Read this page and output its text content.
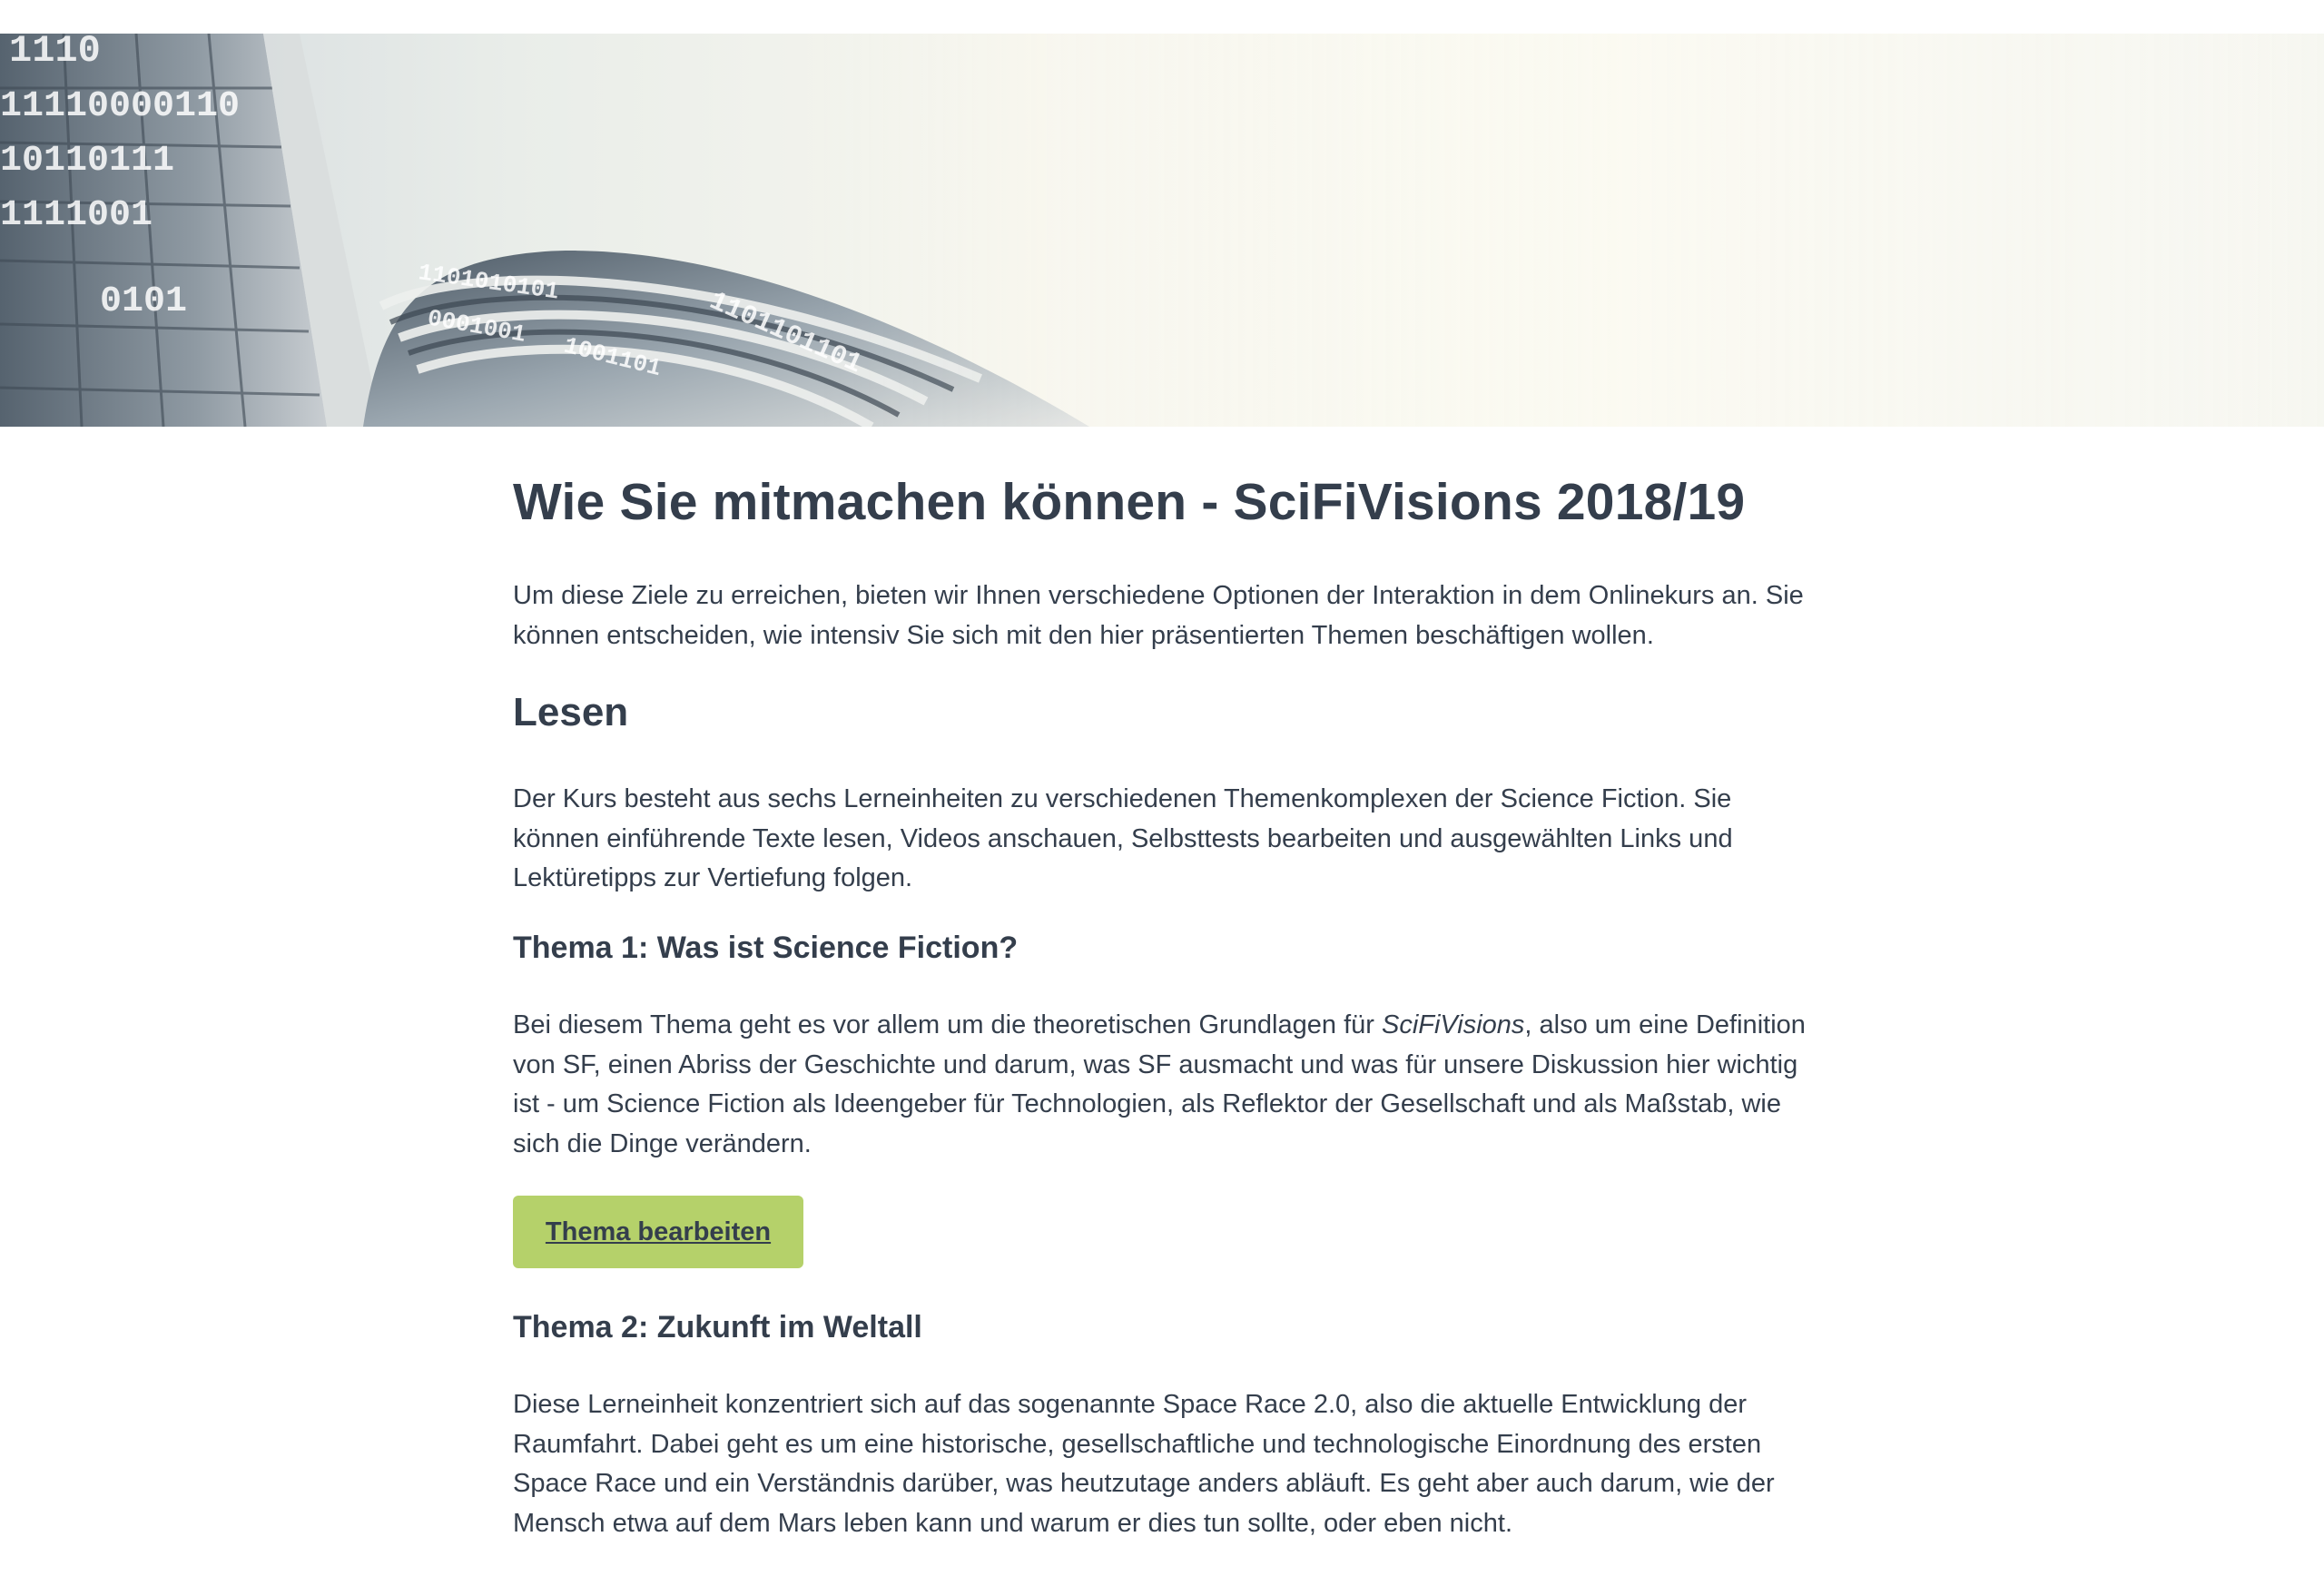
1110
11110000110
10110111
1111001
0101	1101010101
0001001
1001101 1101101101
Wie Sie mitmachen können - SciFiVisions 2018/19

Um diese Ziele zu erreichen, bieten wir Ihnen verschiedene Optionen der Interaktion in dem Onlinekurs an. Sie können entscheiden, wie intensiv Sie sich mit den hier präsentierten Themen beschäftigen wollen.

Lesen

Der Kurs besteht aus sechs Lerneinheiten zu verschiedenen Themenkomplexen der Science Fiction. Sie können einführende Texte lesen, Videos anschauen, Selbsttests bearbeiten und ausgewählten Links und Lektüretipps zur Vertiefung folgen.

Thema 1: Was ist Science Fiction?

Bei diesem Thema geht es vor allem um die theoretischen Grundlagen für SciFiVisions, also um eine Definition von SF, einen Abriss der Geschichte und darum, was SF ausmacht und was für unsere Diskussion hier wichtig ist - um Science Fiction als Ideengeber für Technologien, als Reflektor der Gesellschaft und als Maßstab, wie sich die Dinge verändern.

Thema bearbeiten
Thema 2: Zukunft im Weltall

Diese Lerneinheit konzentriert sich auf das sogenannte Space Race 2.0, also die aktuelle Entwicklung der Raumfahrt. Dabei geht es um eine historische, gesellschaftliche und technologische Einordnung des ersten Space Race und ein Verständnis darüber, was heutzutage anders abläuft. Es geht aber auch darum, wie der Mensch etwa auf dem Mars leben kann und warum er dies tun sollte, oder eben nicht.
